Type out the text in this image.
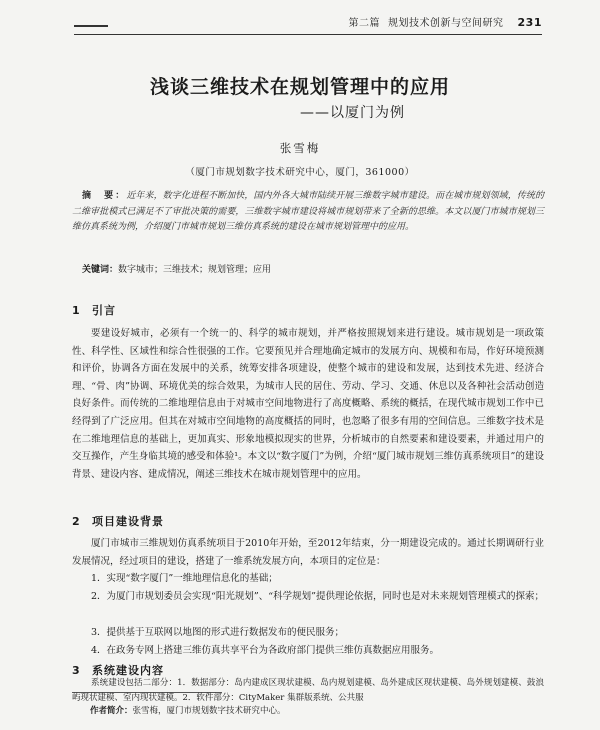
第二篇 规划技术创新与空间研究 231
浅谈三维技术在规划管理中的应用
——以厦门为例
张雪梅
（厦门市规划数字技术研究中心，厦门，361000）
摘　要：近年来，数字化进程不断加快，国内外各大城市陆续开展三维数字城市建设。而在城市规划领域，传统的二维审批模式已满足不了审批决策的需要，三维数字城市建设将城市规划带来了全新的思维。本文以厦门市城市规划三维仿真系统为例，介绍厦门市城市规划三维仿真系统的建设在城市规划管理中的应用。
关键词：数字城市；三维技术；规划管理；应用
1 引言
要建设好城市，必须有一个统一的、科学的城市规划，并严格按照规划来进行建设。城市规划是一项政策性、科学性、区域性和综合性很强的工作。它要预见并合理地确定城市的发展方向、规模和布局，作好环境预测和评价，协调各方面在发展中的关系，统筹安排各项建设，使整个城市的建设和发展，达到技术先进、经济合理、“骨、肉”协调、环境优美的综合效果，为城市人民的居住、劳动、学习、交通、休息以及各种社会活动创造良好条件。而传统的二维地理信息由于对城市空间地物进行了高度概略、系统的概括，在现代城市规划工作中已经得到了广泛应用。但其在对城市空间地物的高度概括的同时，也忽略了很多有用的空间信息。三维数字技术是在二维地理信息的基础上，更加真实、形象地模拟现实的世界，分析城市的自然要素和建设要素，并通过用户的交互操作，产生身临其境的感受和体验¹。本文以“数字厦门”为例，介绍“厦门城市规划三维仿真系统项目”的建设背景、建设内容、建成情况，阐述三维技术在城市规划管理中的应用。
2 项目建设背景
厦门市城市三维规划仿真系统项目于2010年开始，至2012年结束，分一期建设完成的。通过长期调研行业发展情况，经过项目的建设，搭建了一维系统发展方向，本项目的定位是：
1．实现“数字厦门”一维地理信息化的基础；
2．为厦门市规划委员会实现“阳光规划”、“科学规划”提供理论依据，同时也是对未来规划管理模式的探索；
3．提供基于互联网以地图的形式进行数据发布的便民服务；
4．在政务专网上搭建三维仿真共享平台为各政府部门提供三维仿真数据应用服务。
作者简介：张雪梅，厦门市规划数字技术研究中心。
3 系统建设内容
系统建设包括二部分：1．数据部分：岛内建成区现状建模、岛内规划建模、岛外建成区现状建模、岛外规划建模、鼓浪屿现状建模、室内现状建模。2．软件部分：CityMaker 集群版系统、公共服
